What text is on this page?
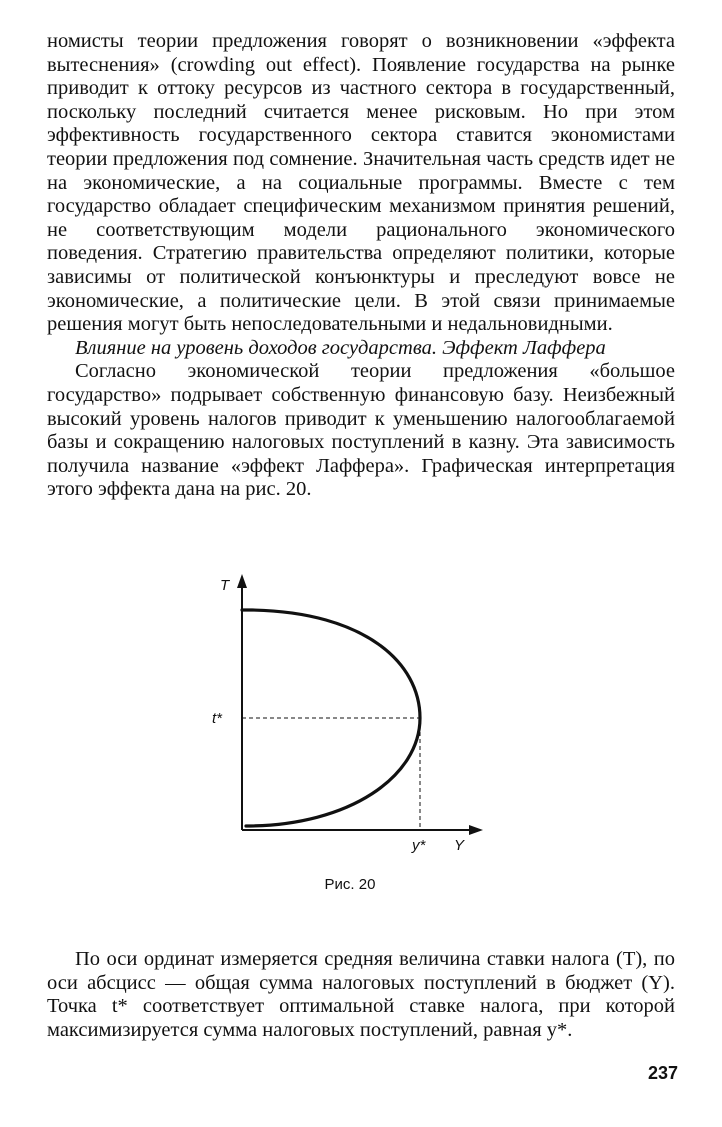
номисты теории предложения говорят о возникновении «эффекта вытеснения» (crowding out effect). Появление государства на рынке приводит к оттоку ресурсов из частного сектора в государственный, поскольку последний считается менее рисковым. Но при этом эффективность государственного сектора ставится экономистами теории предложения под сомнение. Значительная часть средств идет не на экономические, а на социальные программы. Вместе с тем государство обладает специфическим механизмом принятия решений, не соответствующим модели рационального экономического поведения. Стратегию правительства определяют политики, которые зависимы от политической конъюнктуры и преследуют вовсе не экономические, а политические цели. В этой связи принимаемые решения могут быть непоследовательными и недальновидными.

Влияние на уровень доходов государства. Эффект Лаффера

Согласно экономической теории предложения «большое государство» подрывает собственную финансовую базу. Неизбежный высокий уровень налогов приводит к уменьшению налогооблагаемой базы и сокращению налоговых поступлений в казну. Эта зависимость получила название «эффект Лаффера». Графическая интерпретация этого эффекта дана на рис. 20.

T
t*
y* Y
Рис. 20

По оси ординат измеряется средняя величина ставки налога (T), по оси абсцисс — общая сумма налоговых поступлений в бюджет (Y). Точка t* соответствует оптимальной ставке налога, при которой максимизируется сумма налоговых поступлений, равная y*.

237
